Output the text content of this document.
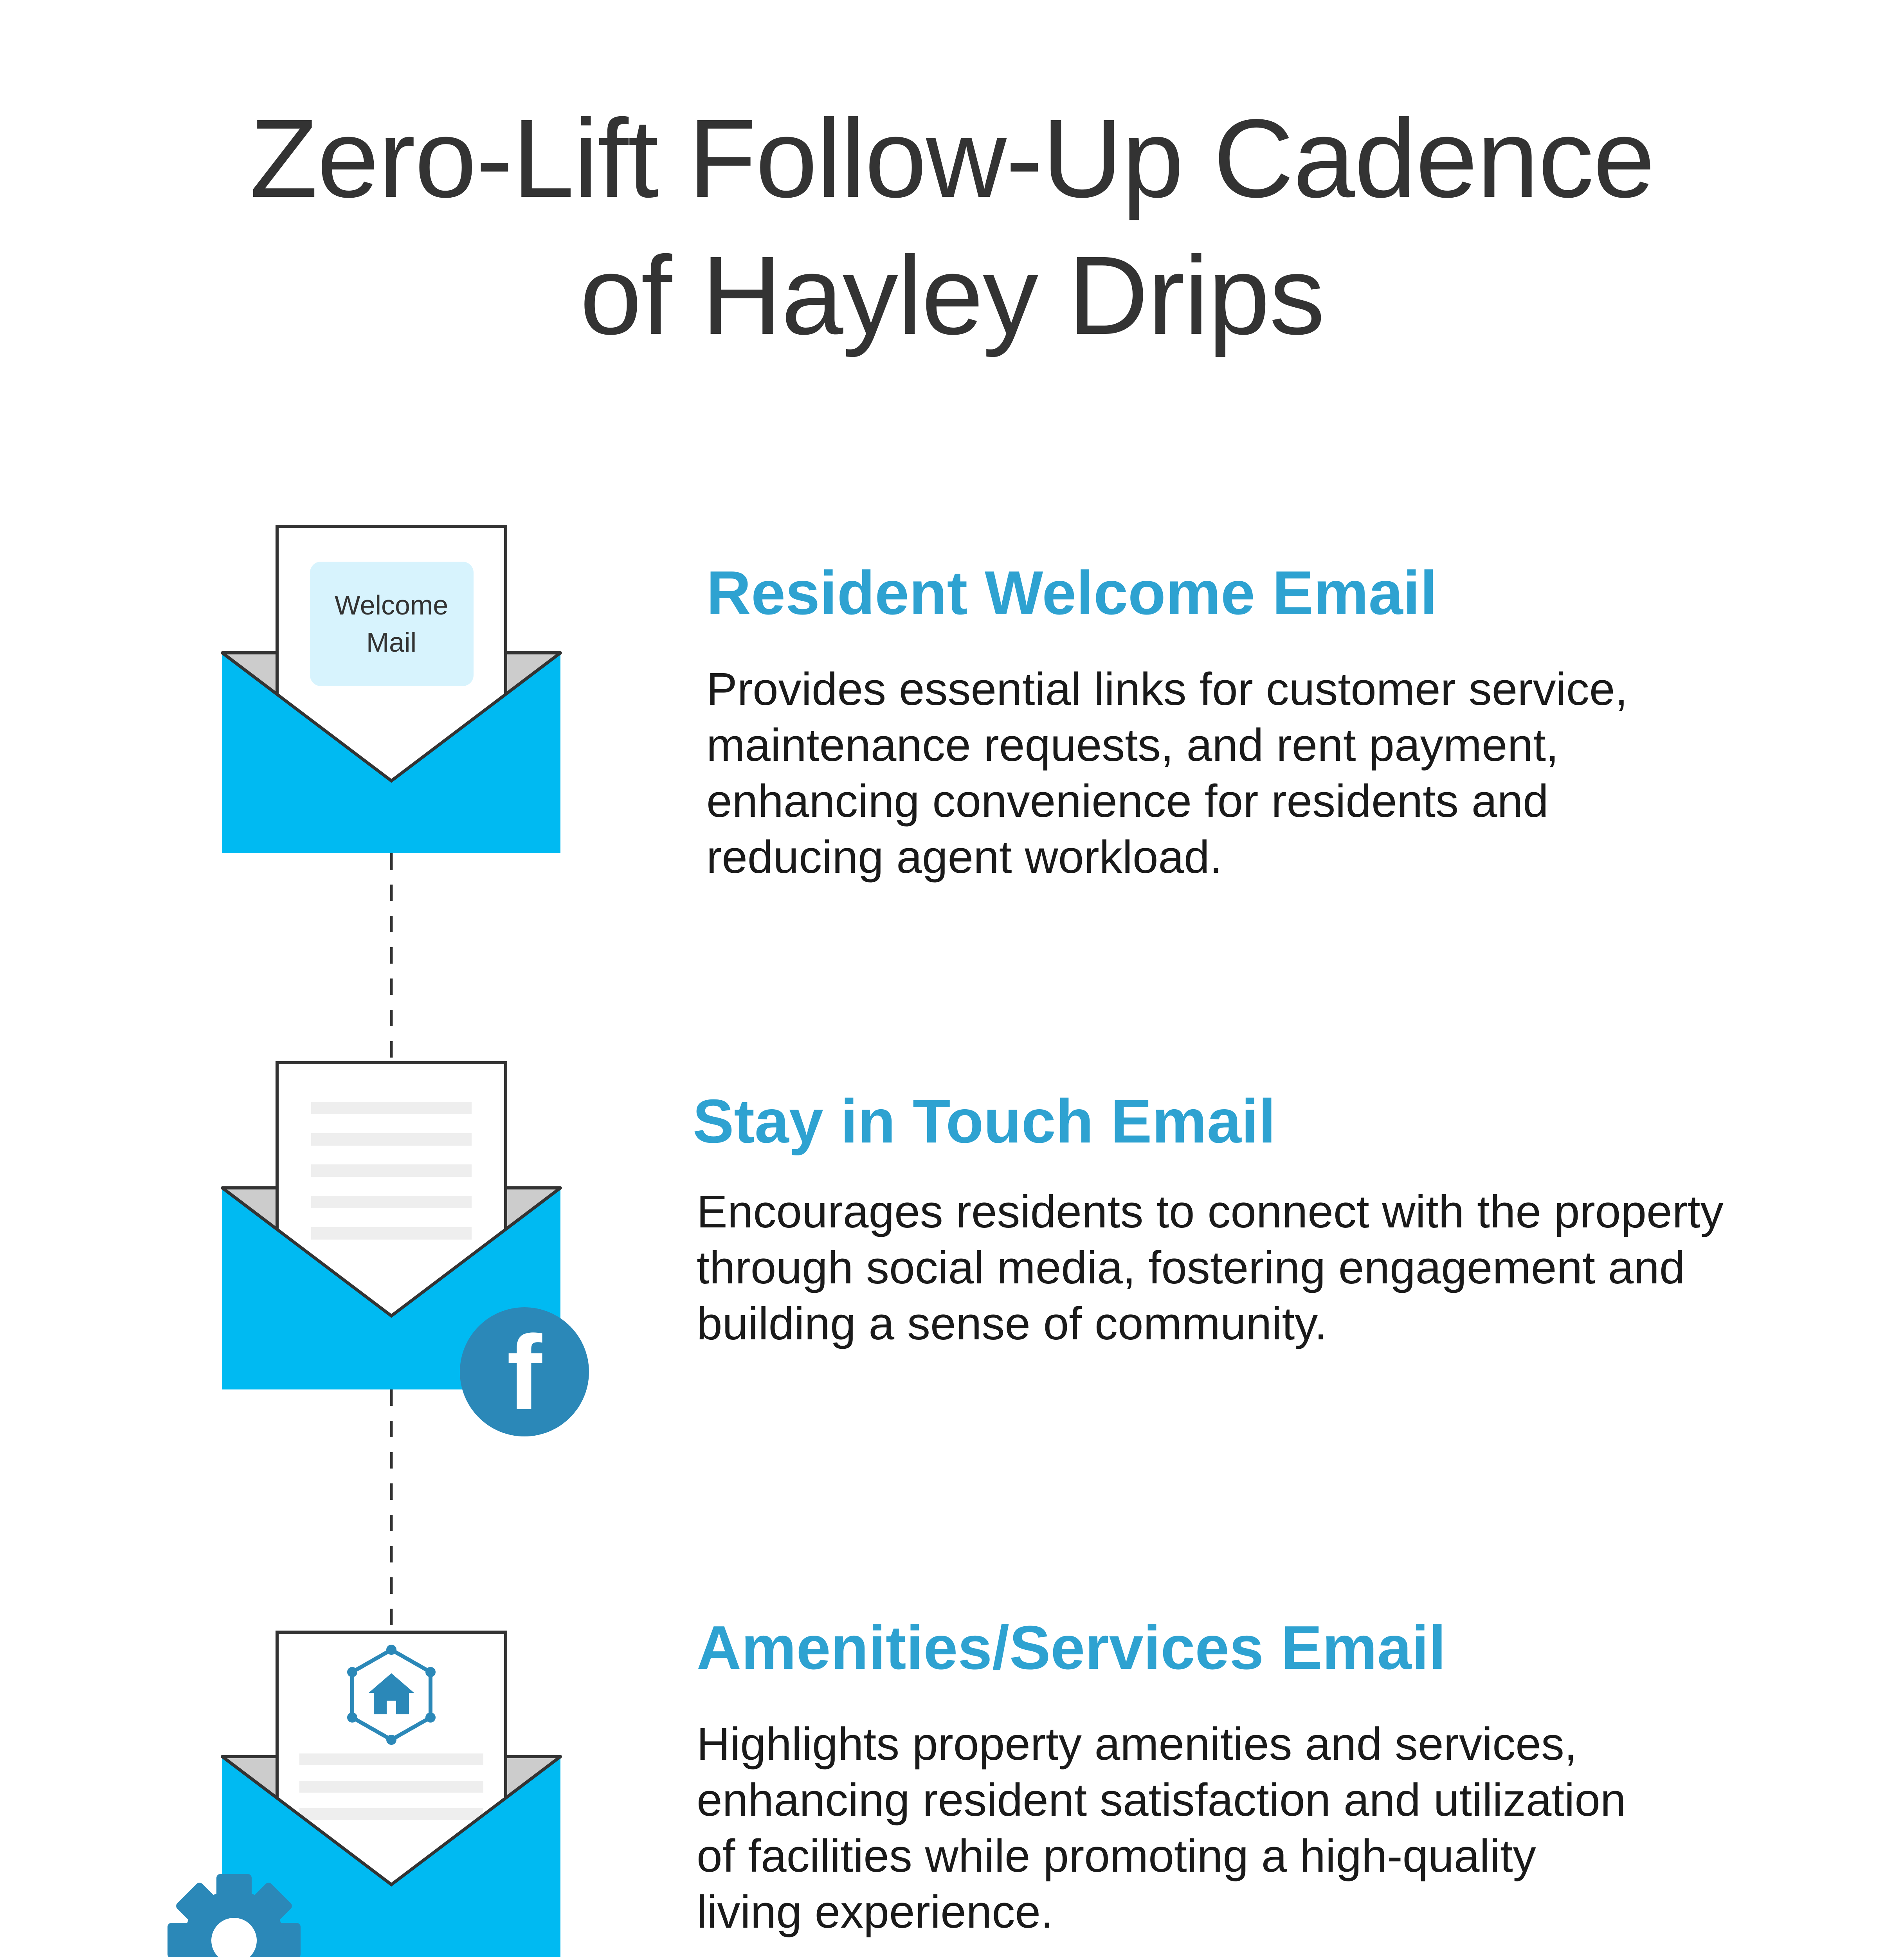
Zero-Lift Follow-Up Cadence
of Hayley Drips
Welcome
Mail
f
Resident Welcome Email
Provides essential links for customer service,
maintenance requests, and rent payment,
enhancing convenience for residents and
reducing agent workload.
Stay in Touch Email
Encourages residents to connect with the property
through social media, fostering engagement and
building a sense of community.
Amenities/Services Email
Highlights property amenities and services,
enhancing resident satisfaction and utilization
of facilities while promoting a high-quality
living experience.
